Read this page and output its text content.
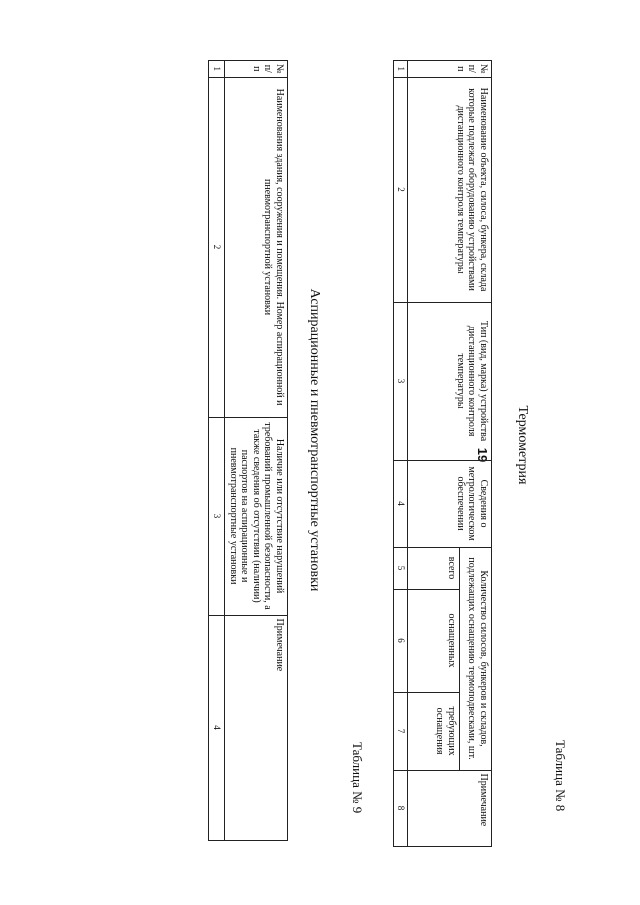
19
Таблица № 8
Термометрия
№ п/п	Наименование объекта, силоса, бункера, склада которые подлежат оборудованию устройствами дистанционного контроля температуры	Тип (вид, марка) устройства дистанционного контроля температуры	Сведения о метрологическом обеспечении	Количество силосов, бункеров и складов, подлежащих оснащению термоподвесками, шт.			Примечание
				всего	оснащенных	требующих оснащения	
1	2	3	4	5	6	7	8
Таблица № 9
Аспирационные и пневмотранспортные установки
№ п/п	Наименования здания, сооружения и помещения. Номер аспирационной и пневмотранспортной установки	Наличие или отсутствие нарушений требований промышленной безопасности, а также сведения об отсутствии (наличии) паспортов на аспирационные и пневмотранспортные установки	Примечание
1	2	3	4
